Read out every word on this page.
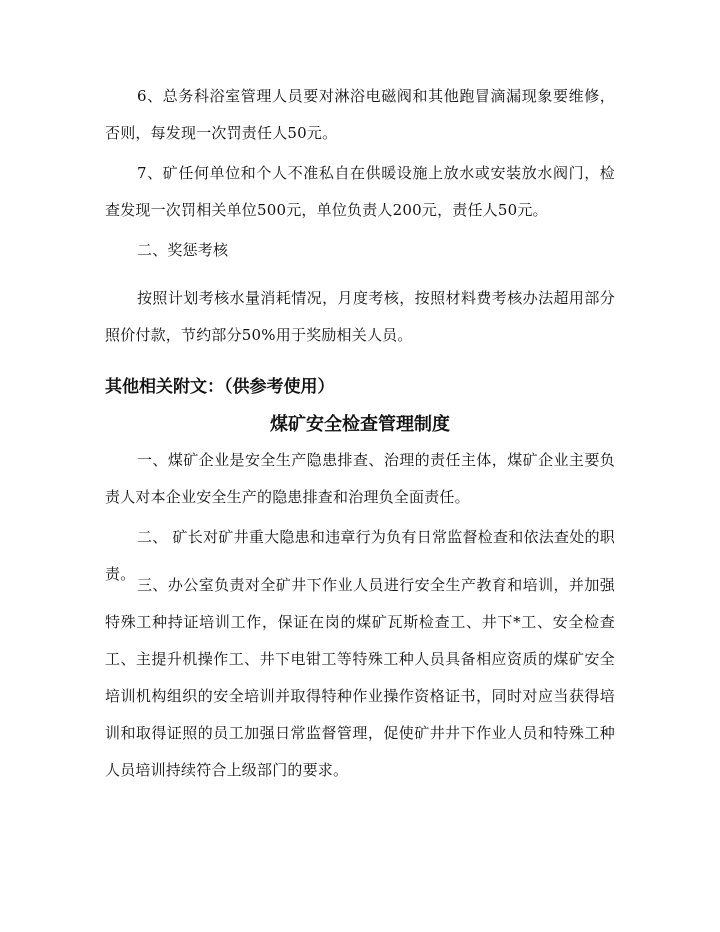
6、总务科浴室管理人员要对淋浴电磁阀和其他跑冒滴漏现象要维修，否则，每发现一次罚责任人50元。

7、矿任何单位和个人不准私自在供暖设施上放水或安装放水阀门，检查发现一次罚相关单位500元，单位负责人200元，责任人50元。

二、奖惩考核

按照计划考核水量消耗情况，月度考核，按照材料费考核办法超用部分照价付款，节约部分50%用于奖励相关人员。

其他相关附文：（供参考使用）
煤矿安全检查管理制度

一、煤矿企业是安全生产隐患排查、治理的责任主体，煤矿企业主要负责人对本企业安全生产的隐患排查和治理负全面责任。

二、 矿长对矿井重大隐患和违章行为负有日常监督检查和依法查处的职责。

三、办公室负责对全矿井下作业人员进行安全生产教育和培训，并加强特殊工种持证培训工作，保证在岗的煤矿瓦斯检查工、井下*工、安全检查工、主提升机操作工、井下电钳工等特殊工种人员具备相应资质的煤矿安全培训机构组织的安全培训并取得特种作业操作资格证书，同时对应当获得培训和取得证照的员工加强日常监督管理，促使矿井井下作业人员和特殊工种人员培训持续符合上级部门的要求。
